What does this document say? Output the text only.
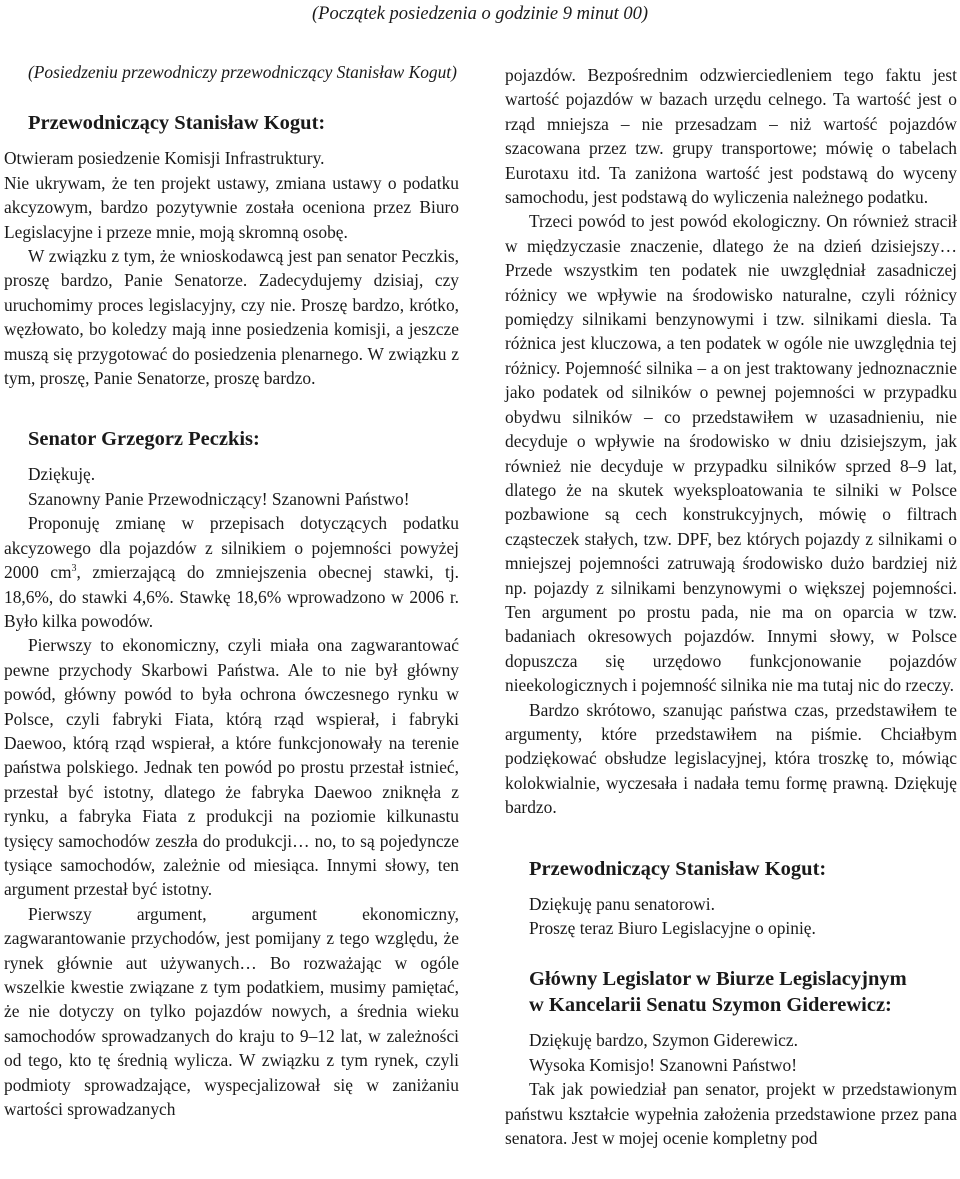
(Początek posiedzenia o godzinie 9 minut 00)

(Posiedzeniu przewodniczy przewodniczący Stanisław Kogut)

Przewodniczący Stanisław Kogut:

Otwieram posiedzenie Komisji Infrastruktury.

Nie ukrywam, że ten projekt ustawy, zmiana ustawy o podatku akcyzowym, bardzo pozytywnie została oceniona przez Biuro Legislacyjne i przeze mnie, moją skromną osobę.

W związku z tym, że wnioskodawcą jest pan senator Peczkis, proszę bardzo, Panie Senatorze. Zadecydujemy dzisiaj, czy uruchomimy proces legislacyjny, czy nie. Proszę bardzo, krótko, węzłowato, bo koledzy mają inne posiedzenia komisji, a jeszcze muszą się przygotować do posiedzenia plenarnego. W związku z tym, proszę, Panie Senatorze, proszę bardzo.

Senator Grzegorz Peczkis:

Dziękuję.

Szanowny Panie Przewodniczący! Szanowni Państwo!

Proponuję zmianę w przepisach dotyczących podatku akcyzowego dla pojazdów z silnikiem o pojemności powyżej 2000 $cm^3$, zmierzającą do zmniejszenia obecnej stawki, tj. 18,6%, do stawki 4,6%. Stawkę 18,6% wprowadzono w 2006 r. Było kilka powodów.

Pierwszy to ekonomiczny, czyli miała ona zagwarantować pewne przychody Skarbowi Państwa. Ale to nie był główny powód, główny powód to była ochrona ówczesnego rynku w Polsce, czyli fabryki Fiata, którą rząd wspierał, i fabryki Daewoo, którą rząd wspierał, a które funkcjonowały na terenie państwa polskiego. Jednak ten powód po prostu przestał istnieć, przestał być istotny, dlatego że fabryka Daewoo zniknęła z rynku, a fabryka Fiata z produkcji na poziomie kilkunastu tysięcy samochodów zeszła do produkcji… no, to są pojedyncze tysiące samochodów, zależnie od miesiąca. Innymi słowy, ten argument przestał być istotny.

Pierwszy argument, argument ekonomiczny, zagwarantowanie przychodów, jest pomijany z tego względu, że rynek głównie aut używanych… Bo rozważając w ogóle wszelkie kwestie związane z tym podatkiem, musimy pamiętać, że nie dotyczy on tylko pojazdów nowych, a średnia wieku samochodów sprowadzanych do kraju to 9–12 lat, w zależności od tego, kto tę średnią wylicza. W związku z tym rynek, czyli podmioty sprowadzające, wyspecjalizował się w zaniżaniu wartości sprowadzanych

pojazdów. Bezpośrednim odzwierciedleniem tego faktu jest wartość pojazdów w bazach urzędu celnego. Ta wartość jest o rząd mniejsza – nie przesadzam – niż wartość pojazdów szacowana przez tzw. grupy transportowe; mówię o tabelach Eurotaxu itd. Ta zaniżona wartość jest podstawą do wyceny samochodu, jest podstawą do wyliczenia należnego podatku.

Trzeci powód to jest powód ekologiczny. On również stracił w międzyczasie znaczenie, dlatego że na dzień dzisiejszy… Przede wszystkim ten podatek nie uwzględniał zasadniczej różnicy we wpływie na środowisko naturalne, czyli różnicy pomiędzy silnikami benzynowymi i tzw. silnikami diesla. Ta różnica jest kluczowa, a ten podatek w ogóle nie uwzględnia tej różnicy. Pojemność silnika – a on jest traktowany jednoznacznie jako podatek od silników o pewnej pojemności w przypadku obydwu silników – co przedstawiłem w uzasadnieniu, nie decyduje o wpływie na środowisko w dniu dzisiejszym, jak również nie decyduje w przypadku silników sprzed 8–9 lat, dlatego że na skutek wyeksploatowania te silniki w Polsce pozbawione są cech konstrukcyjnych, mówię o filtrach cząsteczek stałych, tzw. DPF, bez których pojazdy z silnikami o mniejszej pojemności zatruwają środowisko dużo bardziej niż np. pojazdy z silnikami benzynowymi o większej pojemności. Ten argument po prostu pada, nie ma on oparcia w tzw. badaniach okresowych pojazdów. Innymi słowy, w Polsce dopuszcza się urzędowo funkcjonowanie pojazdów nieekologicznych i pojemność silnika nie ma tutaj nic do rzeczy.

Bardzo skrótowo, szanując państwa czas, przedstawiłem te argumenty, które przedstawiłem na piśmie. Chciałbym podziękować obsłudze legislacyjnej, która troszkę to, mówiąc kolokwialnie, wyczesała i nadała temu formę prawną. Dziękuję bardzo.

Przewodniczący Stanisław Kogut:

Dziękuję panu senatorowi.

Proszę teraz Biuro Legislacyjne o opinię.

Główny Legislator w Biurze Legislacyjnym
w Kancelarii Senatu Szymon Giderewicz:

Dziękuję bardzo, Szymon Giderewicz.

Wysoka Komisjo! Szanowni Państwo!

Tak jak powiedział pan senator, projekt w przedstawionym państwu kształcie wypełnia założenia przedstawione przez pana senatora. Jest w mojej ocenie kompletny pod
